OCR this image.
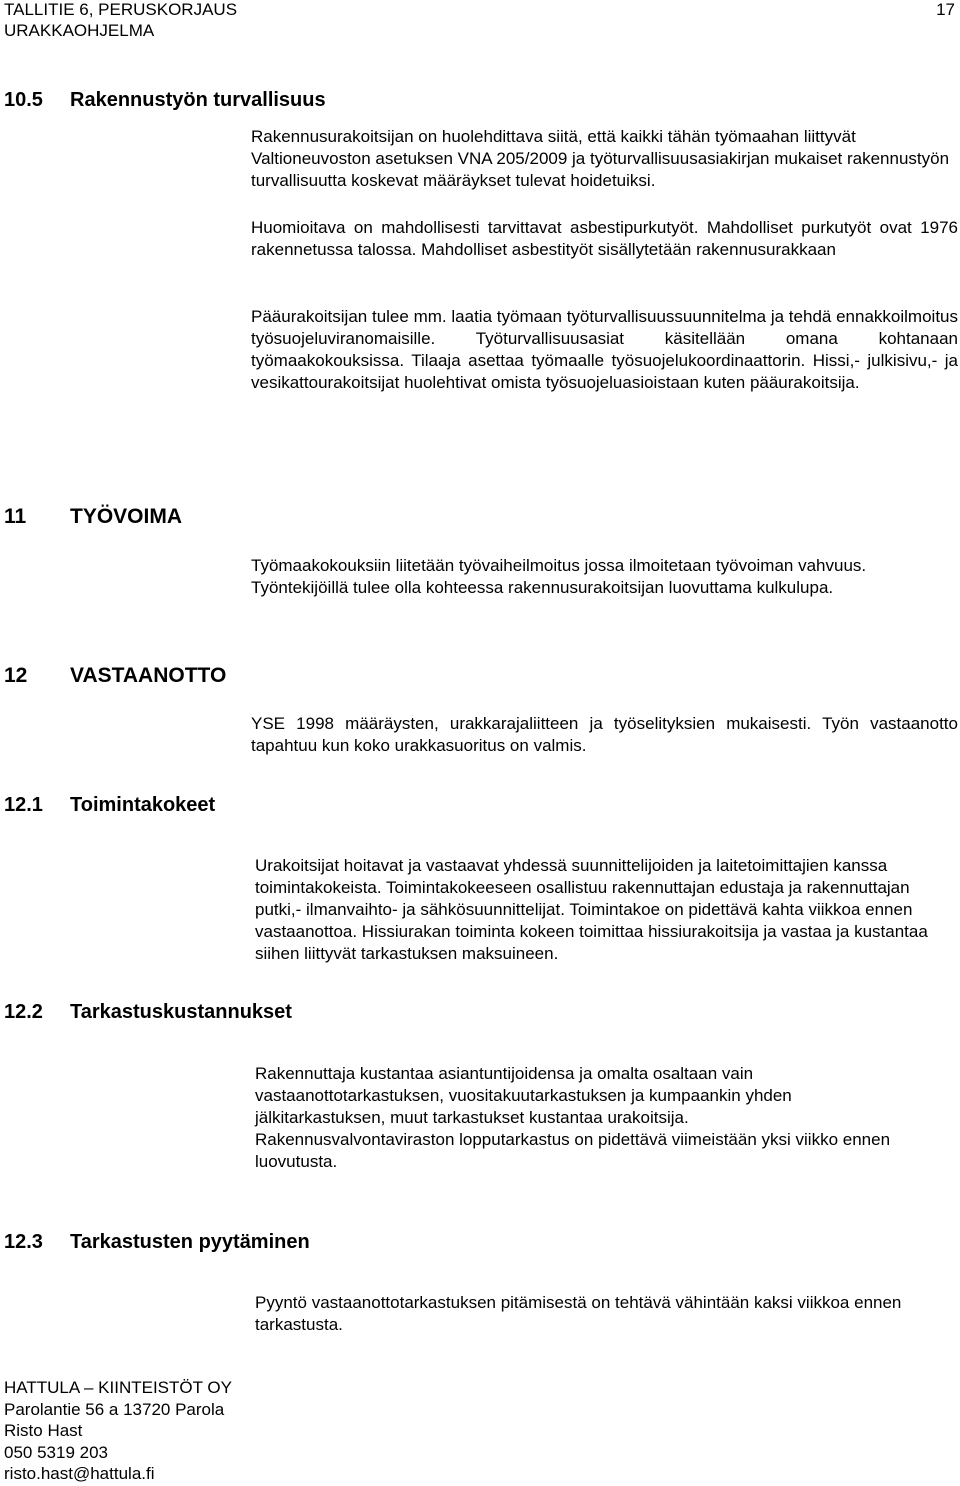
TALLITIE 6, PERUSKORJAUS
URAKKAOHJELMA
17
10.5 Rakennustyön turvallisuus

Rakennusurakoitsijan on huolehdittava siitä, että kaikki tähän työmaahan liittyvät Valtioneuvoston asetuksen VNA 205/2009 ja työturvallisuusasiakirjan mukaiset rakennustyön turvallisuutta koskevat määräykset tulevat hoidetuiksi.

Huomioitava on mahdollisesti tarvittavat asbestipurkutyöt. Mahdolliset purkutyöt ovat 1976 rakennetussa talossa. Mahdolliset asbestityöt sisällytetään rakennusurakkaan

Pääurakoitsijan tulee mm. laatia työmaan työturvallisuussuunnitelma ja tehdä ennakkoilmoitus työsuojeluviranomaisille. Työturvallisuusasiat käsitellään omana kohtanaan työmaakokouksissa. Tilaaja asettaa työmaalle työsuojelukoordinaattorin. Hissi,- julkisivu,- ja vesikattourakoitsijat huolehtivat omista työsuojeluasioistaan kuten pääurakoitsija.

11 TYÖVOIMA

Työmaakokouksiin liitetään työvaiheilmoitus jossa ilmoitetaan työvoiman vahvuus. Työntekijöillä tulee olla kohteessa rakennusurakoitsijan luovuttama kulkulupa.

12 VASTAANOTTO

YSE 1998 määräysten, urakkarajaliitteen ja työselityksien mukaisesti. Työn vastaanotto tapahtuu kun koko urakkasuoritus on valmis.

12.1 Toimintakokeet

Urakoitsijat hoitavat ja vastaavat yhdessä suunnittelijoiden ja laitetoimittajien kanssa toimintakokeista. Toimintakokeeseen osallistuu rakennuttajan edustaja ja rakennuttajan putki,- ilmanvaihto- ja sähkösuunnittelijat. Toimintakoe on pidettävä kahta viikkoa ennen vastaanottoa. Hissiurakan toiminta kokeen toimittaa hissiurakoitsija ja vastaa ja kustantaa siihen liittyvät tarkastuksen maksuineen.

12.2 Tarkastuskustannukset

Rakennuttaja kustantaa asiantuntijoidensa ja omalta osaltaan vain vastaanottotarkastuksen, vuositakuutarkastuksen ja kumpaankin yhden jälkitarkastuksen, muut tarkastukset kustantaa urakoitsija.

Rakennusvalvontaviraston lopputarkastus on pidettävä viimeistään yksi viikko ennen luovutusta.

12.3 Tarkastusten pyytäminen

Pyyntö vastaanottotarkastuksen pitämisestä on tehtävä vähintään kaksi viikkoa ennen tarkastusta.

HATTULA – KIINTEISTÖT OY
Parolantie 56 a 13720 Parola
Risto Hast
050 5319 203
risto.hast@hattula.fi
